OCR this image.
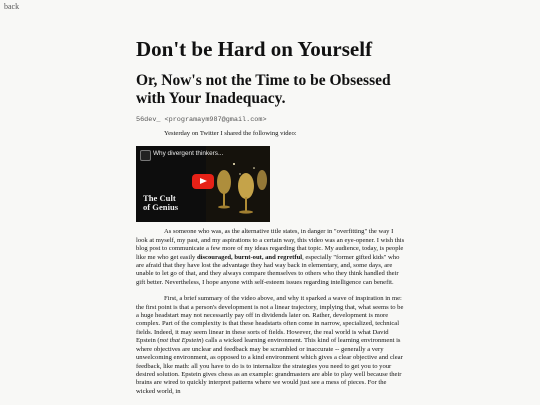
back
Don't be Hard on Yourself
Or, Now's not the Time to be Obsessed with Your Inadequacy.
56dev_ <programaym987@gmail.com>

Yesterday on Twitter I shared the following video:

Why divergent thinkers...
The Cult
of Genius

As someone who was, as the alternative title states, in danger in "overfitting" the way I look at myself, my past, and my aspirations to a certain way, this video was an eye-opener. I wish this blog post to communicate a few more of my ideas regarding that topic. My audience, today, is people like me who get easily discouraged, burnt-out, and regretful, especially "former gifted kids" who are afraid that they have lost the advantage they had way back in elementary, and, some days, are unable to let go of that, and they always compare themselves to others who they think handled their gift better. Nevertheless, I hope anyone with self-esteem issues regarding intelligence can benefit.

First, a brief summary of the video above, and why it sparked a wave of inspiration in me: the first point is that a person's development is not a linear trajectory, implying that, what seems to be a huge headstart may not necessarily pay off in dividends later on. Rather, development is more complex. Part of the complexity is that these headstarts often come in narrow, specialized, technical fields. Indeed, it may seem linear in these sorts of fields. However, the real world is what David Epstein (not that Epstein) calls a wicked learning environment. This kind of learning environment is where objectives are unclear and feedback may be scrambled or inaccurate -- generally a very unwelcoming environment, as opposed to a kind environment which gives a clear objective and clear feedback, like math: all you have to do is to internalize the strategies you need to get you to your desired solution. Epstein gives chess as an example: grandmasters are able to play well because their brains are wired to quickly interpret patterns where we would just see a mess of pieces. For the wicked world, in
